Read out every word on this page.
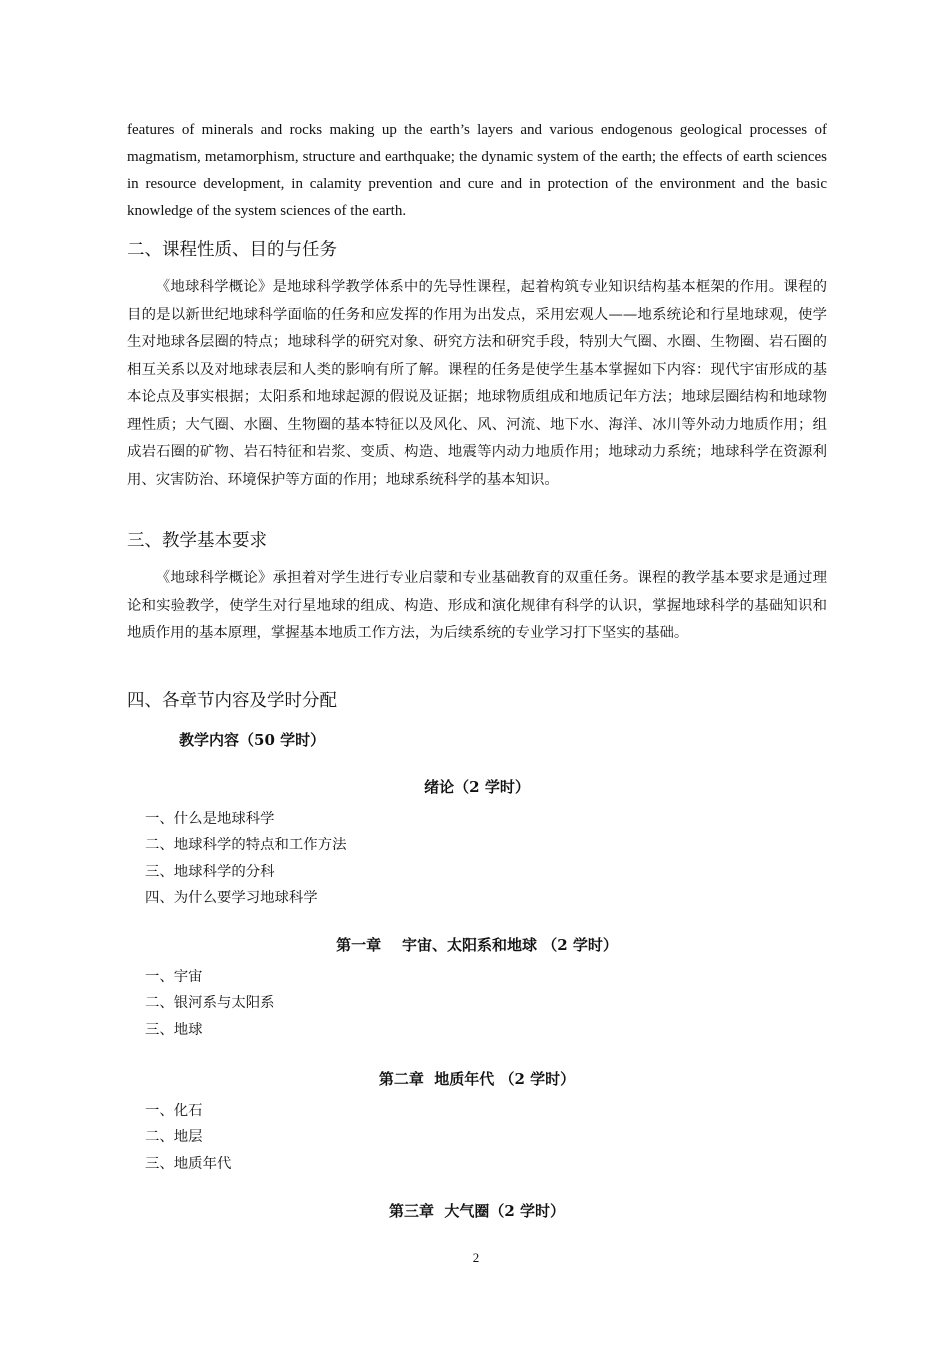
features of minerals and rocks making up the earth’s layers and various endogenous geological processes of magmatism, metamorphism, structure and earthquake; the dynamic system of the earth; the effects of earth sciences in resource development, in calamity prevention and cure and in protection of the environment and the basic knowledge of the system sciences of the earth.

二、课程性质、目的与任务

《地球科学概论》是地球科学教学体系中的先导性课程，起着构筑专业知识结构基本框架的作用。课程的目的是以新世纪地球科学面临的任务和应发挥的作用为出发点，采用宏观人——地系统论和行星地球观，使学生对地球各层圈的特点；地球科学的研究对象、研究方法和研究手段，特别大气圈、水圈、生物圈、岩石圈的相互关系以及对地球表层和人类的影响有所了解。课程的任务是使学生基本掌握如下内容：现代宇宙形成的基本论点及事实根据；太阳系和地球起源的假说及证据；地球物质组成和地质记年方法；地球层圈结构和地球物理性质；大气圈、水圈、生物圈的基本特征以及风化、风、河流、地下水、海洋、冰川等外动力地质作用；组成岩石圈的矿物、岩石特征和岩浆、变质、构造、地震等内动力地质作用；地球动力系统；地球科学在资源利用、灾害防治、环境保护等方面的作用；地球系统科学的基本知识。

三、教学基本要求

《地球科学概论》承担着对学生进行专业启蒙和专业基础教育的双重任务。课程的教学基本要求是通过理论和实验教学，使学生对行星地球的组成、构造、形成和演化规律有科学的认识，掌握地球科学的基础知识和地质作用的基本原理，掌握基本地质工作方法，为后续系统的专业学习打下坚实的基础。

四、各章节内容及学时分配
教学内容（50 学时）
绪论（2 学时）
一、什么是地球科学
二、地球科学的特点和工作方法
三、地球科学的分科
四、为什么要学习地球科学
第一章    宇宙、太阳系和地球 （2 学时）
一、宇宙
二、银河系与太阳系
三、地球
第二章  地质年代 （2 学时）
一、化石
二、地层
三、地质年代
第三章  大气圈（2 学时）
2
